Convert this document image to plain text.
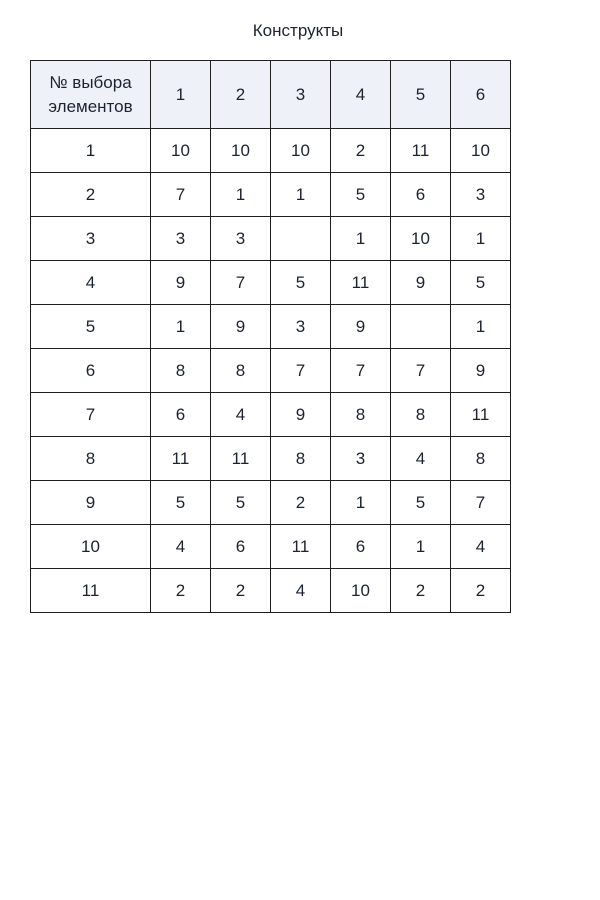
Конструкты
№ выбора
элементов	1	2	3	4	5	6
1	10	10	10	2	11	10
2	7	1	1	5	6	3
3	3	3		1	10	1
4	9	7	5	11	9	5
5	1	9	3	9		1
6	8	8	7	7	7	9
7	6	4	9	8	8	11
8	11	11	8	3	4	8
9	5	5	2	1	5	7
10	4	6	11	6	1	4
11	2	2	4	10	2	2
